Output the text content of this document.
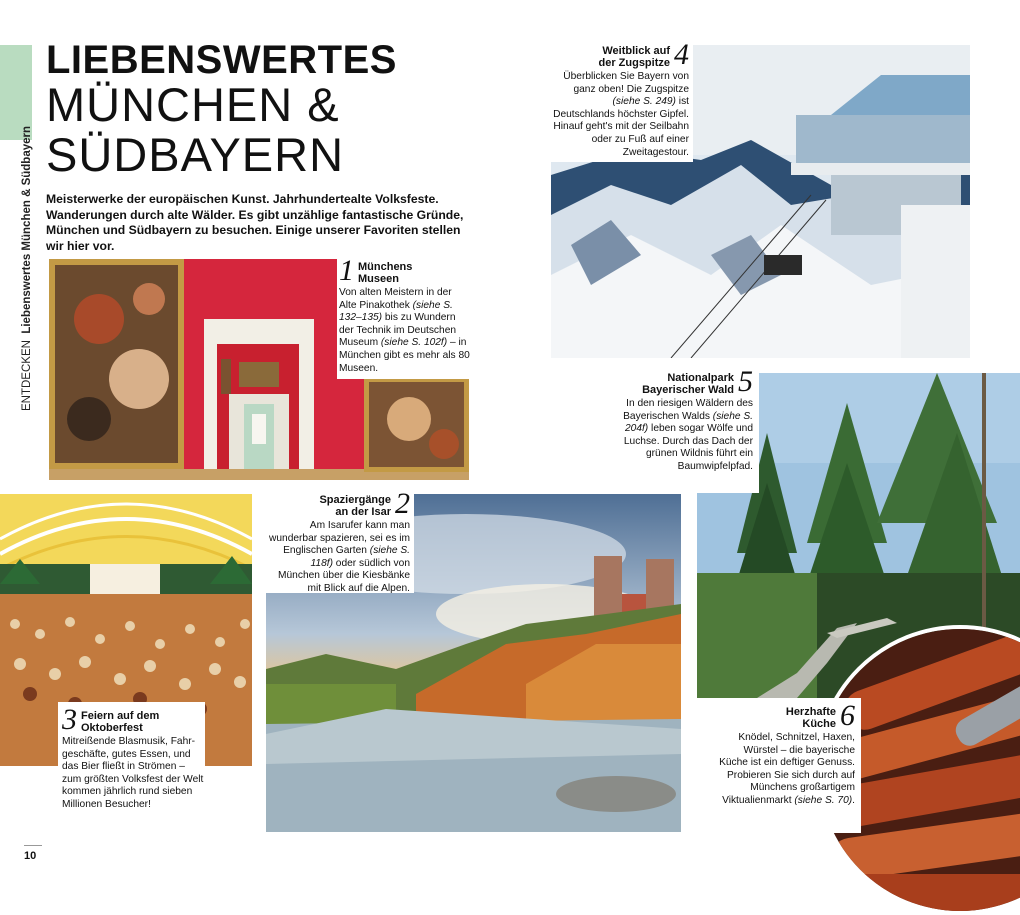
ENTDECKEN  Liebenswertes München & Südbayern
LIEBENSWERTES
MÜNCHEN &
SÜDBAYERN
Meisterwerke der europäischen Kunst. Jahrhundertealte Volksfeste. Wanderungen durch alte Wälder. Es gibt unzählige fantastische Gründe, München und Südbayern zu besuchen. Einige unserer Favoriten stellen wir hier vor.
1 Münchens
Museen

Von alten Meistern in der Alte Pinakothek (siehe S. 132–135) bis zu Wundern der Technik im Deutschen Museum (siehe S. 102f) – in München gibt es mehr als 80 Museen.

Weitblick auf
der Zugspitze 4

Überblicken Sie Bayern von ganz oben! Die Zugspitze (siehe S. 249) ist Deutschlands höchster Gipfel. Hinauf geht's mit der Seilbahn oder zu Fuß auf einer Zweitagestour.

3 Feiern auf dem
Oktoberfest

Mitreißende Blasmusik, Fahrgeschäfte, gutes Essen, und das Bier fließt in Strömen – zum größten Volksfest der Welt kommen jährlich rund sieben Millionen Besucher!

Spaziergänge
an der Isar 2

Am Isarufer kann man wunderbar spazieren, sei es im Englischen Garten (siehe S. 118f) oder südlich von München über die Kiesbänke mit Blick auf die Alpen.

Nationalpark
Bayerischer Wald 5

In den riesigen Wäldern des Bayerischen Walds (siehe S. 204f) leben sogar Wölfe und Luchse. Durch das Dach der grünen Wildnis führt ein Baumwipfelpfad.

Herzhafte
Küche 6

Knödel, Schnitzel, Haxen, Würstel – die bayerische Küche ist ein deftiger Genuss. Probieren Sie sich durch auf Münchens großartigem Viktualienmarkt (siehe S. 70).

10
